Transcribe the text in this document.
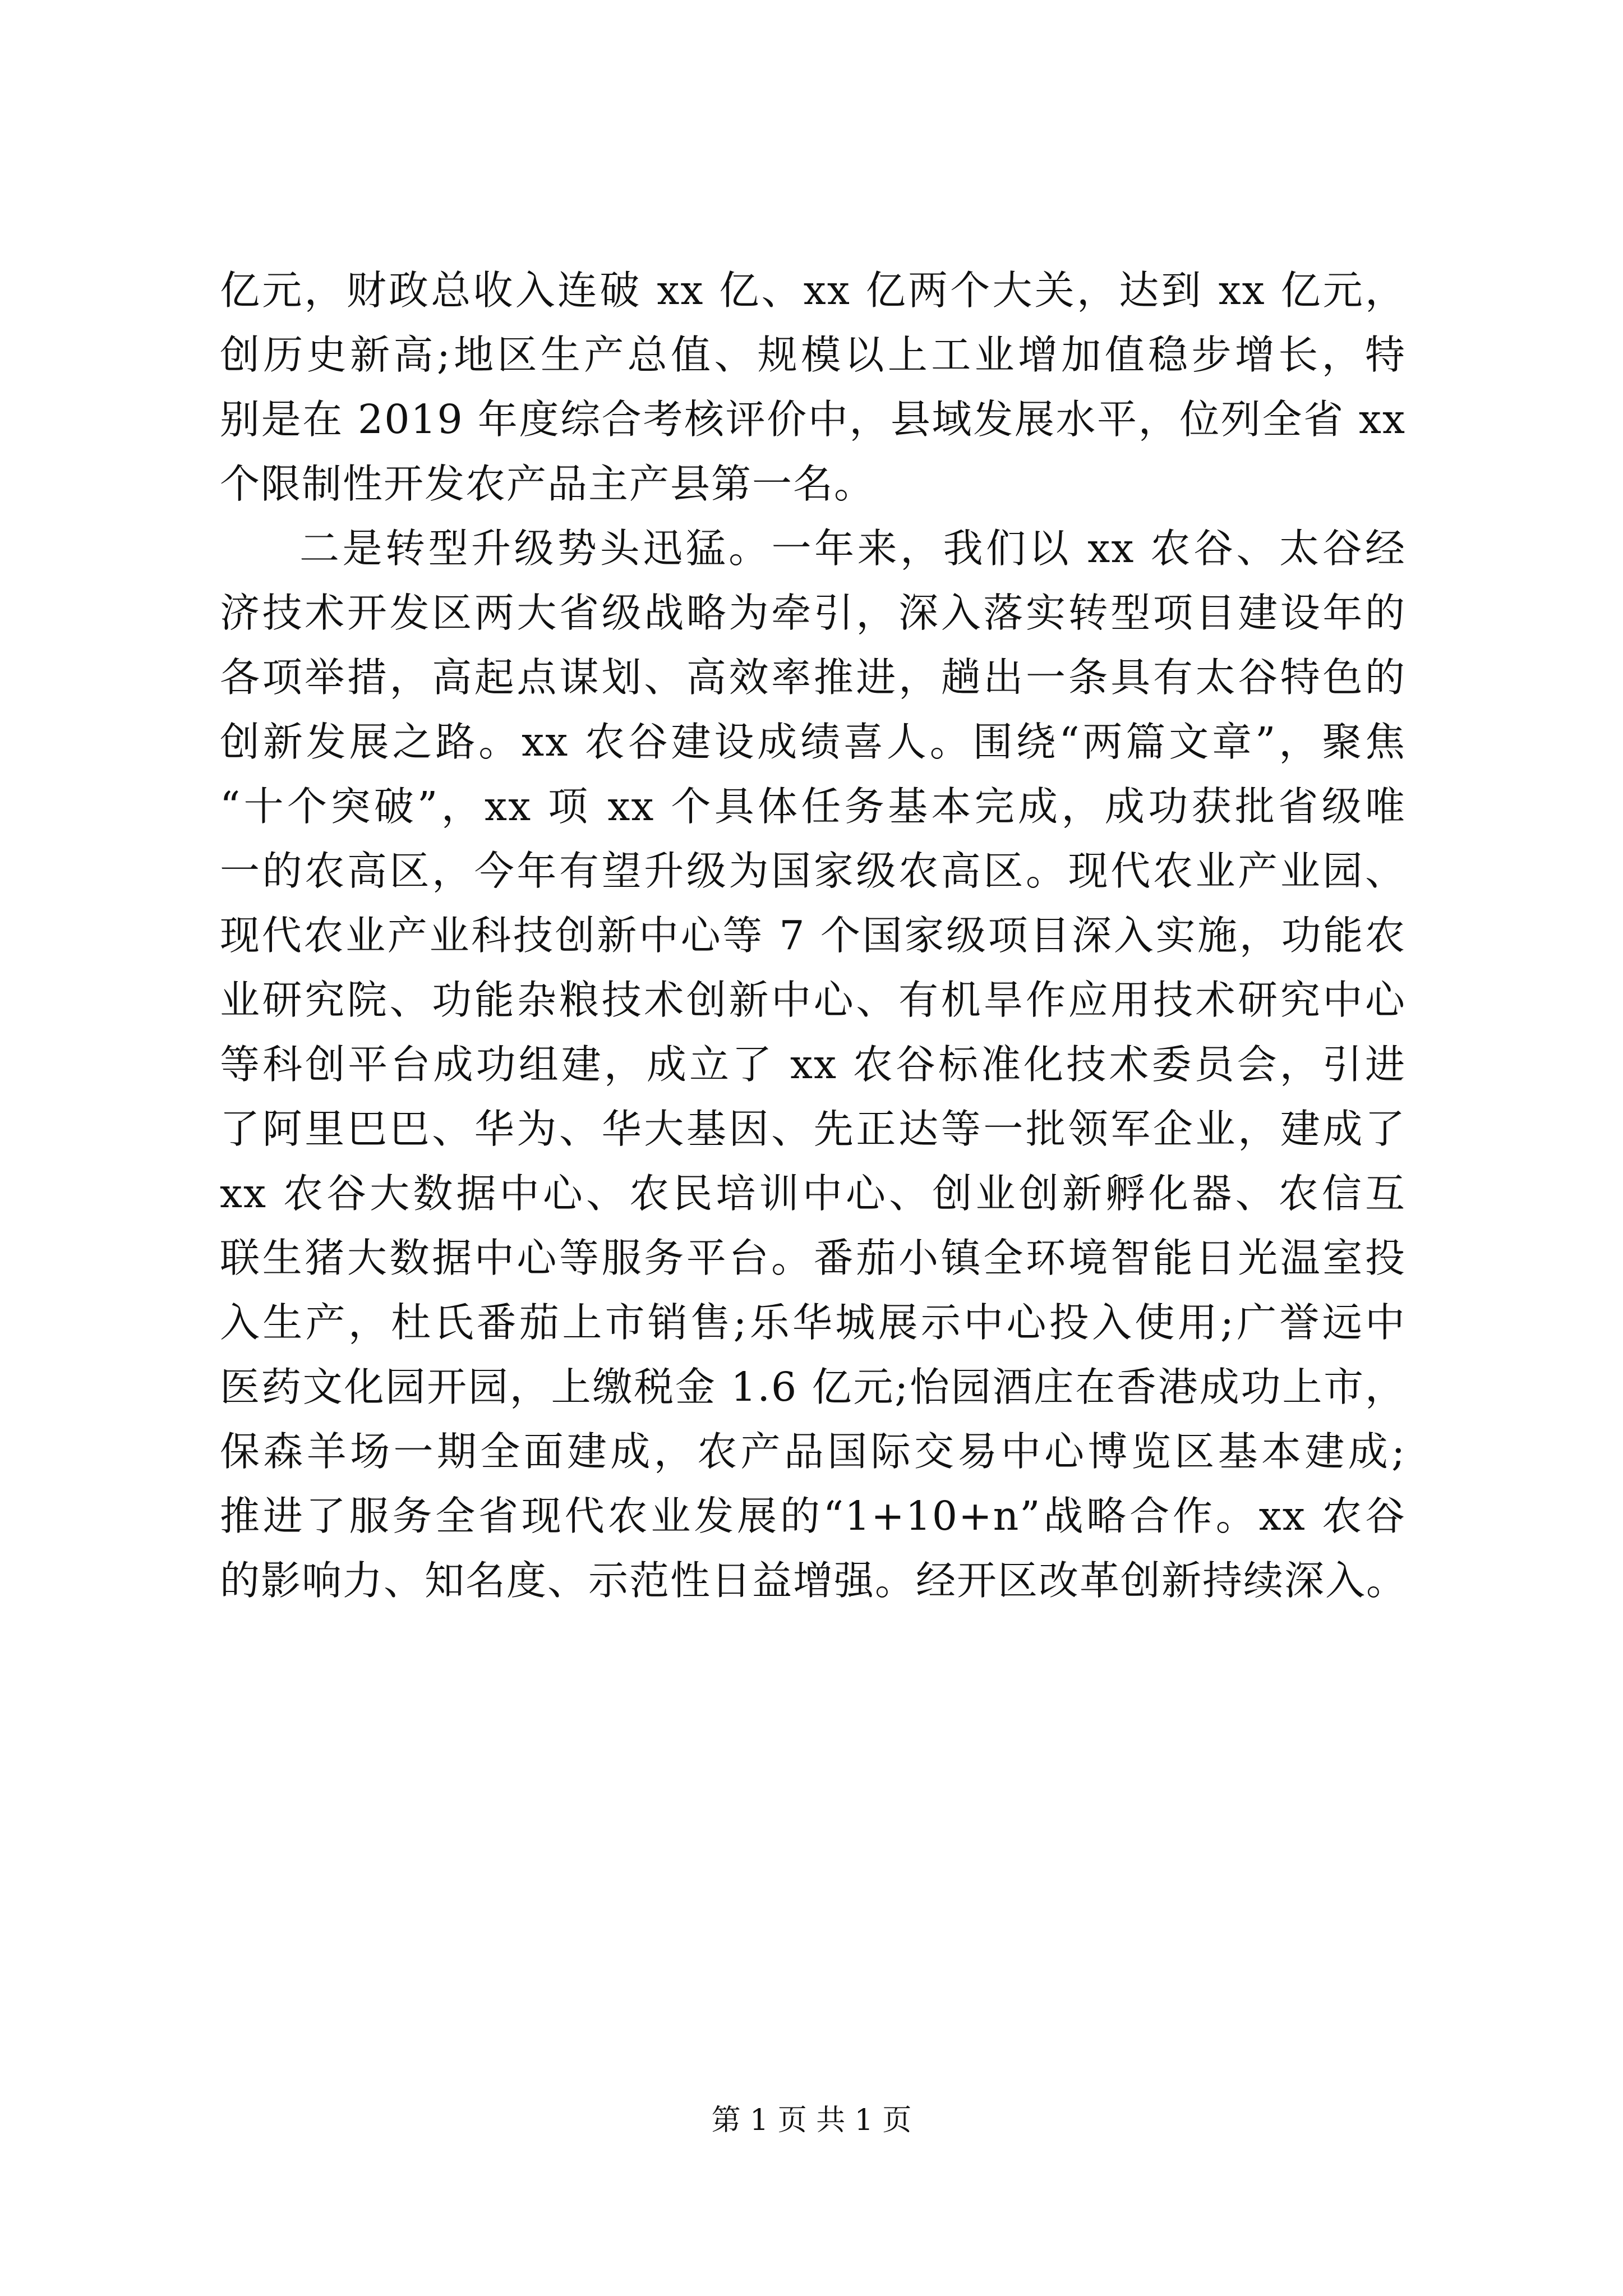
亿元，财政总收入连破 xx 亿、xx 亿两个大关，达到 xx 亿元，
创历史新高;地区生产总值、规模以上工业增加值稳步增长，特
别是在 2019 年度综合考核评价中，县域发展水平，位列全省 xx
个限制性开发农产品主产县第一名。
二是转型升级势头迅猛。一年来，我们以 xx 农谷、太谷经
济技术开发区两大省级战略为牵引，深入落实转型项目建设年的
各项举措，高起点谋划、高效率推进，趟出一条具有太谷特色的
创新发展之路。xx 农谷建设成绩喜人。围绕“两篇文章”，聚焦
“十个突破”，xx 项 xx 个具体任务基本完成，成功获批省级唯
一的农高区，今年有望升级为国家级农高区。现代农业产业园、
现代农业产业科技创新中心等 7 个国家级项目深入实施，功能农
业研究院、功能杂粮技术创新中心、有机旱作应用技术研究中心
等科创平台成功组建，成立了 xx 农谷标准化技术委员会，引进
了阿里巴巴、华为、华大基因、先正达等一批领军企业，建成了
xx 农谷大数据中心、农民培训中心、创业创新孵化器、农信互
联生猪大数据中心等服务平台。番茄小镇全环境智能日光温室投
入生产，杜氏番茄上市销售;乐华城展示中心投入使用;广誉远中
医药文化园开园，上缴税金 1.6 亿元;怡园酒庄在香港成功上市，
保森羊场一期全面建成，农产品国际交易中心博览区基本建成;
推进了服务全省现代农业发展的“1+10+n”战略合作。xx 农谷
的影响力、知名度、示范性日益增强。经开区改革创新持续深入。
第 1 页 共 1 页
